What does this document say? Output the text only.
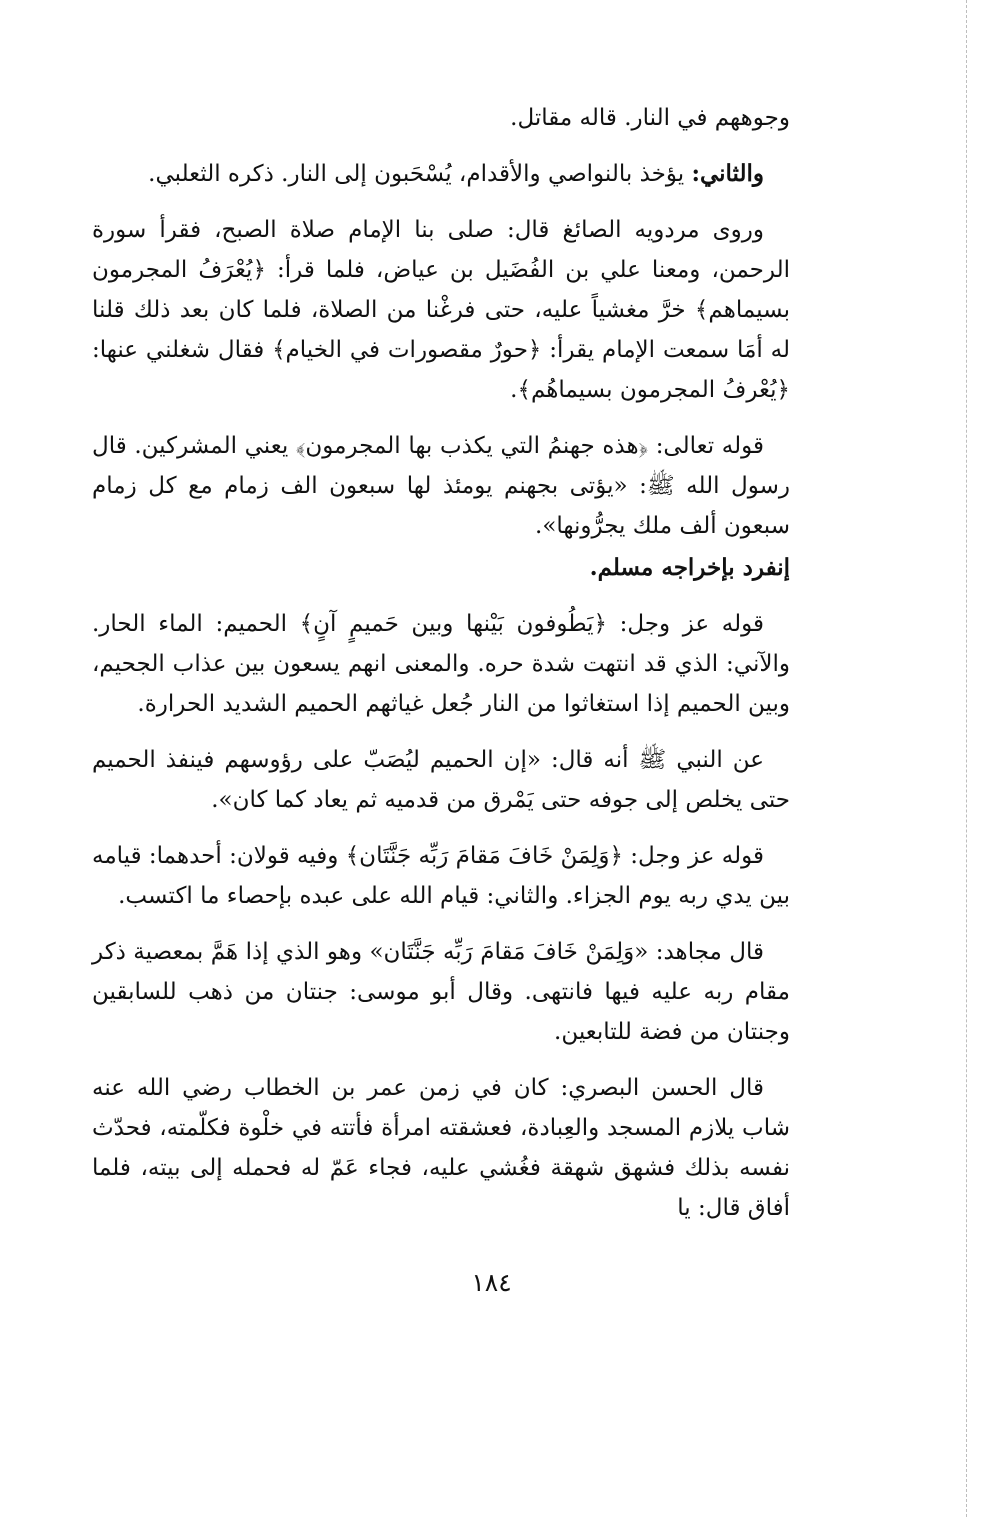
وجوههم في النار. قاله مقاتل.

والثاني: يؤخذ بالنواصي والأقدام، يُسْحَبون إلى النار. ذكره الثعلبي.

وروى مردويه الصائغ قال: صلى بنا الإمام صلاة الصبح، فقرأ سورة الرحمن، ومعنا علي بن الفُضَيل بن عياض، فلما قرأ: ﴿يُعْرَفُ المجرمون بسيماهم﴾ خرَّ مغشياً عليه، حتى فرغْنا من الصلاة، فلما كان بعد ذلك قلنا له أمَا سمعت الإمام يقرأ: ﴿حورٌ مقصورات في الخيام﴾ فقال شغلني عنها: ﴿يُعْرفُ المجرمون بسيماهُم﴾.

قوله تعالى: ﴿هذه جهنمُ التي يكذب بها المجرمون﴾ يعني المشركين. قال رسول الله ﷺ: «يؤتى بجهنم يومئذ لها سبعون الف زمام مع كل زمام سبعون ألف ملك يجرُّونها».

إنفرد بإخراجه مسلم.

قوله عز وجل: ﴿يَطُوفون بَيْنها وبين حَميمٍ آنٍ﴾ الحميم: الماء الحار. والآني: الذي قد انتهت شدة حره. والمعنى انهم يسعون بين عذاب الجحيم، وبين الحميم إذا استغاثوا من النار جُعل غياثهم الحميم الشديد الحرارة.

عن النبي ﷺ أنه قال: «إن الحميم ليُصَبّ على رؤوسهم فينفذ الحميم حتى يخلص إلى جوفه حتى يَمْرق من قدميه ثم يعاد كما كان».

قوله عز وجل: ﴿وَلِمَنْ خَافَ مَقامَ رَبِّه جَنَّتَان﴾ وفيه قولان: أحدهما: قيامه بين يدي ربه يوم الجزاء. والثاني: قيام الله على عبده بإحصاء ما اكتسب.

قال مجاهد: «وَلِمَنْ خَافَ مَقامَ رَبِّه جَنَّتَان» وهو الذي إذا هَمَّ بمعصية ذكر مقام ربه عليه فيها فانتهى. وقال أبو موسى: جنتان من ذهب للسابقين وجنتان من فضة للتابعين.

قال الحسن البصري: كان في زمن عمر بن الخطاب رضي الله عنه شاب يلازم المسجد والعِبادة، فعشقته امرأة فأتته في خلْوة فكلّمته، فحدّث نفسه بذلك فشهق شهقة فغُشي عليه، فجاء عَمّ له فحمله إلى بيته، فلما أفاق قال: يا

١٨٤
